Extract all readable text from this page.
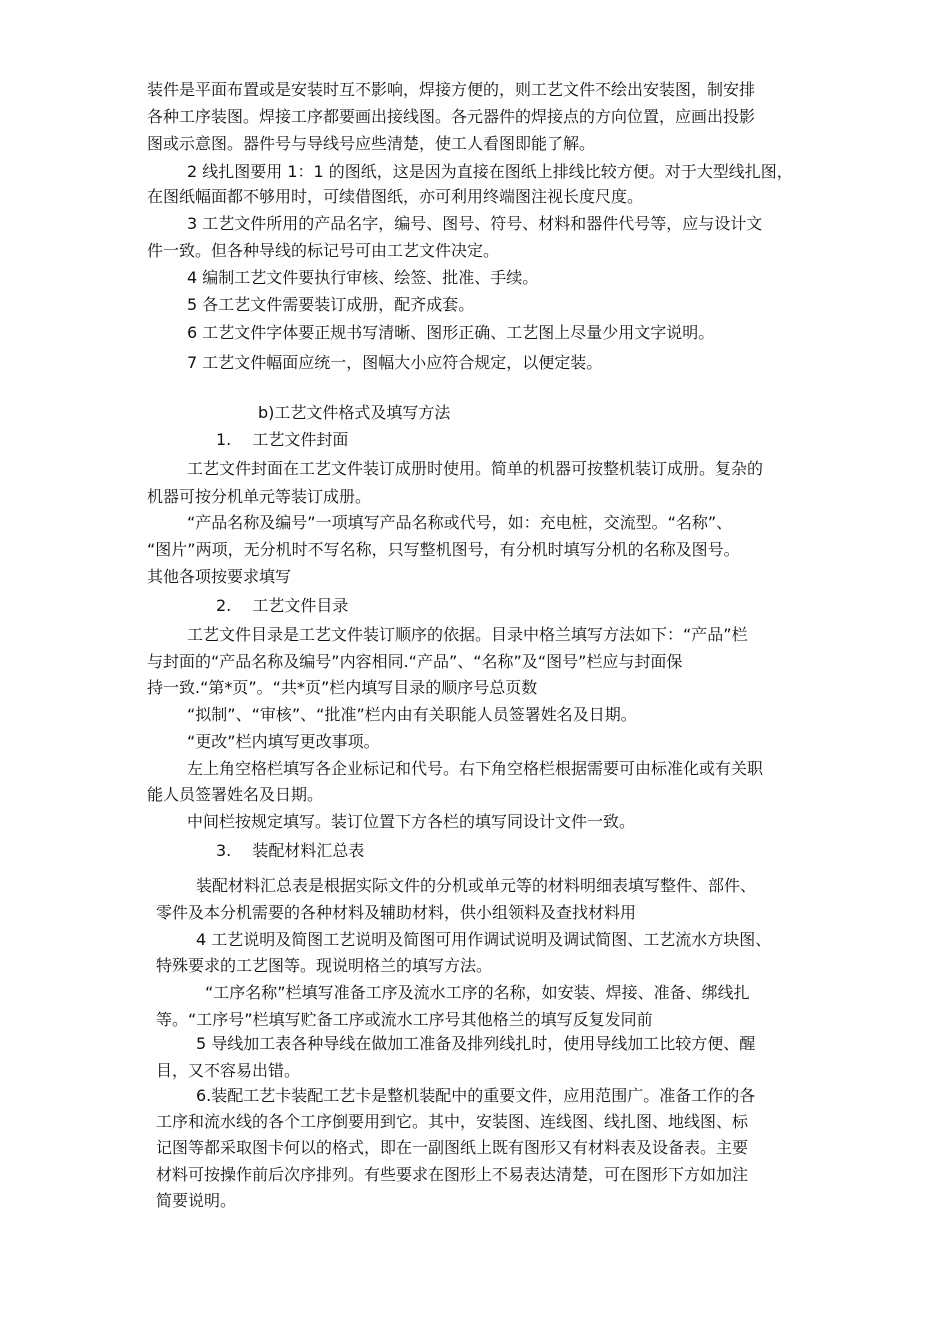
装件是平面布置或是安装时互不影响，焊接方便的，则工艺文件不绘出安装图，制安排

各种工序装图。焊接工序都要画出接线图。各元器件的焊接点的方向位置，应画出投影

图或示意图。器件号与导线号应些清楚，使工人看图即能了解。

2 线扎图要用 1：1 的图纸，这是因为直接在图纸上排线比较方便。对于大型线扎图，

在图纸幅面都不够用时，可续借图纸，亦可利用终端图注视长度尺度。

3 工艺文件所用的产品名字，编号、图号、符号、材料和器件代号等，应与设计文

件一致。但各种导线的标记号可由工艺文件决定。

4 编制工艺文件要执行审核、绘签、批准、手续。

5 各工艺文件需要装订成册，配齐成套。

6 工艺文件字体要正规书写清晰、图形正确、工艺图上尽量少用文字说明。

7 工艺文件幅面应统一，图幅大小应符合规定，以便定装。

b)工艺文件格式及填写方法

1.　 工艺文件封面

工艺文件封面在工艺文件装订成册时使用。简单的机器可按整机装订成册。复杂的

机器可按分机单元等装订成册。

“产品名称及编号”一项填写产品名称或代号，如：充电桩，交流型。“名称”、

“图片”两项，无分机时不写名称，只写整机图号，有分机时填写分机的名称及图号。

其他各项按要求填写

2.　 工艺文件目录

工艺文件目录是工艺文件装订顺序的依据。目录中格兰填写方法如下：“产品”栏

与封面的“产品名称及编号”内容相同.“产品”、“名称”及“图号”栏应与封面保

持一致.“第*页”。“共*页”栏内填写目录的顺序号总页数

“拟制”、“审核”、“批准”栏内由有关职能人员签署姓名及日期。

“更改”栏内填写更改事项。

左上角空格栏填写各企业标记和代号。右下角空格栏根据需要可由标准化或有关职

能人员签署姓名及日期。

中间栏按规定填写。装订位置下方各栏的填写同设计文件一致。

3.　 装配材料汇总表

装配材料汇总表是根据实际文件的分机或单元等的材料明细表填写整件、部件、

零件及本分机需要的各种材料及辅助材料，供小组领料及查找材料用

4 工艺说明及简图工艺说明及简图可用作调试说明及调试简图、工艺流水方块图、

特殊要求的工艺图等。现说明格兰的填写方法。

“工序名称”栏填写准备工序及流水工序的名称，如安装、焊接、准备、绑线扎

等。“工序号”栏填写贮备工序或流水工序号其他格兰的填写反复发同前

5 导线加工表各种导线在做加工准备及排列线扎时，使用导线加工比较方便、醒

目，又不容易出错。

6.装配工艺卡装配工艺卡是整机装配中的重要文件，应用范围广。准备工作的各

工序和流水线的各个工序倒要用到它。其中，安装图、连线图、线扎图、地线图、标

记图等都采取图卡何以的格式，即在一副图纸上既有图形又有材料表及设备表。主要

材料可按操作前后次序排列。有些要求在图形上不易表达清楚，可在图形下方如加注

简要说明。
